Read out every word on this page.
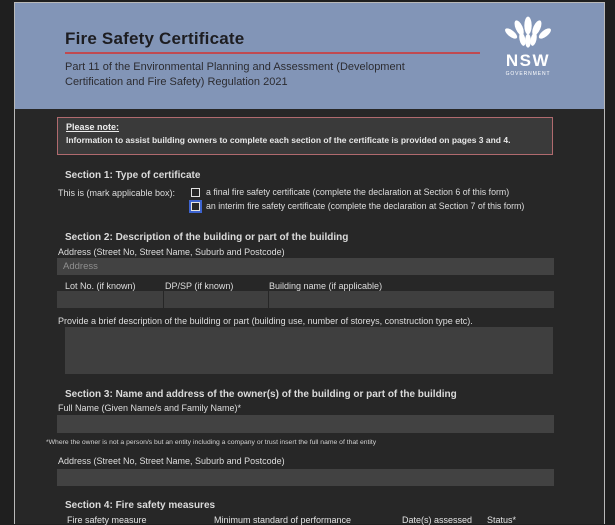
Fire Safety Certificate
Part 11 of the Environmental Planning and Assessment (Development Certification and Fire Safety) Regulation 2021
NSW
GOVERNMENT
Please note:
Information to assist building owners to complete each section of the certificate is provided on pages 3 and 4.
Section 1: Type of certificate
This is (mark applicable box):	a final fire safety certificate (complete the declaration at Section 6 of this form)
an interim fire safety certificate (complete the declaration at Section 7 of this form)
Section 2: Description of the building or part of the building
Address (Street No, Street Name, Suburb and Postcode)
Address
Lot No. (if known)	DP/SP (if known)	Building name (if applicable)
Provide a brief description of the building or part (building use, number of storeys, construction type etc).
Section 3: Name and address of the owner(s) of the building or part of the building
Full Name (Given Name/s and Family Name)*
*Where the owner is not a person/s but an entity including a company or trust insert the full name of that entity
Address (Street No, Street Name, Suburb and Postcode)
Section 4: Fire safety measures
Fire safety measure	Minimum standard of performance	Date(s) assessed Status*
